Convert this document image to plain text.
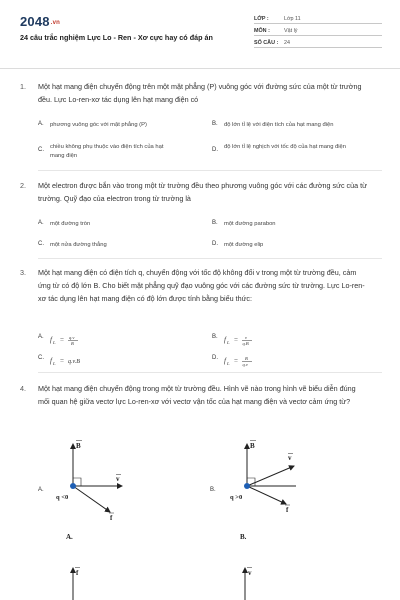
$2048^{.vn}$
24 câu trắc nghiệm Lực Lo - Ren - Xơ cực hay có đáp án
LỚP :	Lớp 11
MÔN :	Vật lý
SỐ CÂU :	24
1. Một hạt mang điện chuyển động trên một mặt phẳng (P) vuông góc với đường sức của một từ trường đều. Lực Lo-ren-xơ tác dụng lên hạt mang điện có
A.	phương vuông góc với mặt phẳng (P)	B.	độ lớn tỉ lệ với điện tích của hạt mang điện
C.	chiều không phụ thuộc vào điện tích của hạt mang điện
D.	độ lớn tỉ lệ nghịch với tốc độ của hạt mang điện
2. Một electron được bắn vào trong một từ trường đều theo phương vuông góc với các đường sức của từ trường. Quỹ đạo của electron trong từ trường là
A.	một đường tròn	B.	một đường parabon
C.	một nửa đường thẳng	D.	một đường elip
3. Một hạt mang điện có điện tích q, chuyển động với tốc độ không đổi v trong một từ trường đều, cảm ứng từ có độ lớn B. Cho biết mặt phẳng quỹ đạo vuông góc với các đường sức từ trường. Lực Lo-ren-xơ tác dụng lên hạt mang điện có độ lớn được tính bằng biểu thức:
A. f L = q.v
B
B. f L = v
q.B
C. f L = q.v.B
D. f L = B
q.v
4. Một hạt mang điện chuyển động trong một từ trường đều. Hình vẽ nào trong hình vẽ biểu diễn đúng mối quan hệ giữa vectơ lực Lo-ren-xơ với vectơ vận tốc của hạt mang điện và vectơ cảm ứng từ?
A.
B
v
f
q <0
A.
B.
B
v
f
q >0
B.
f	v
